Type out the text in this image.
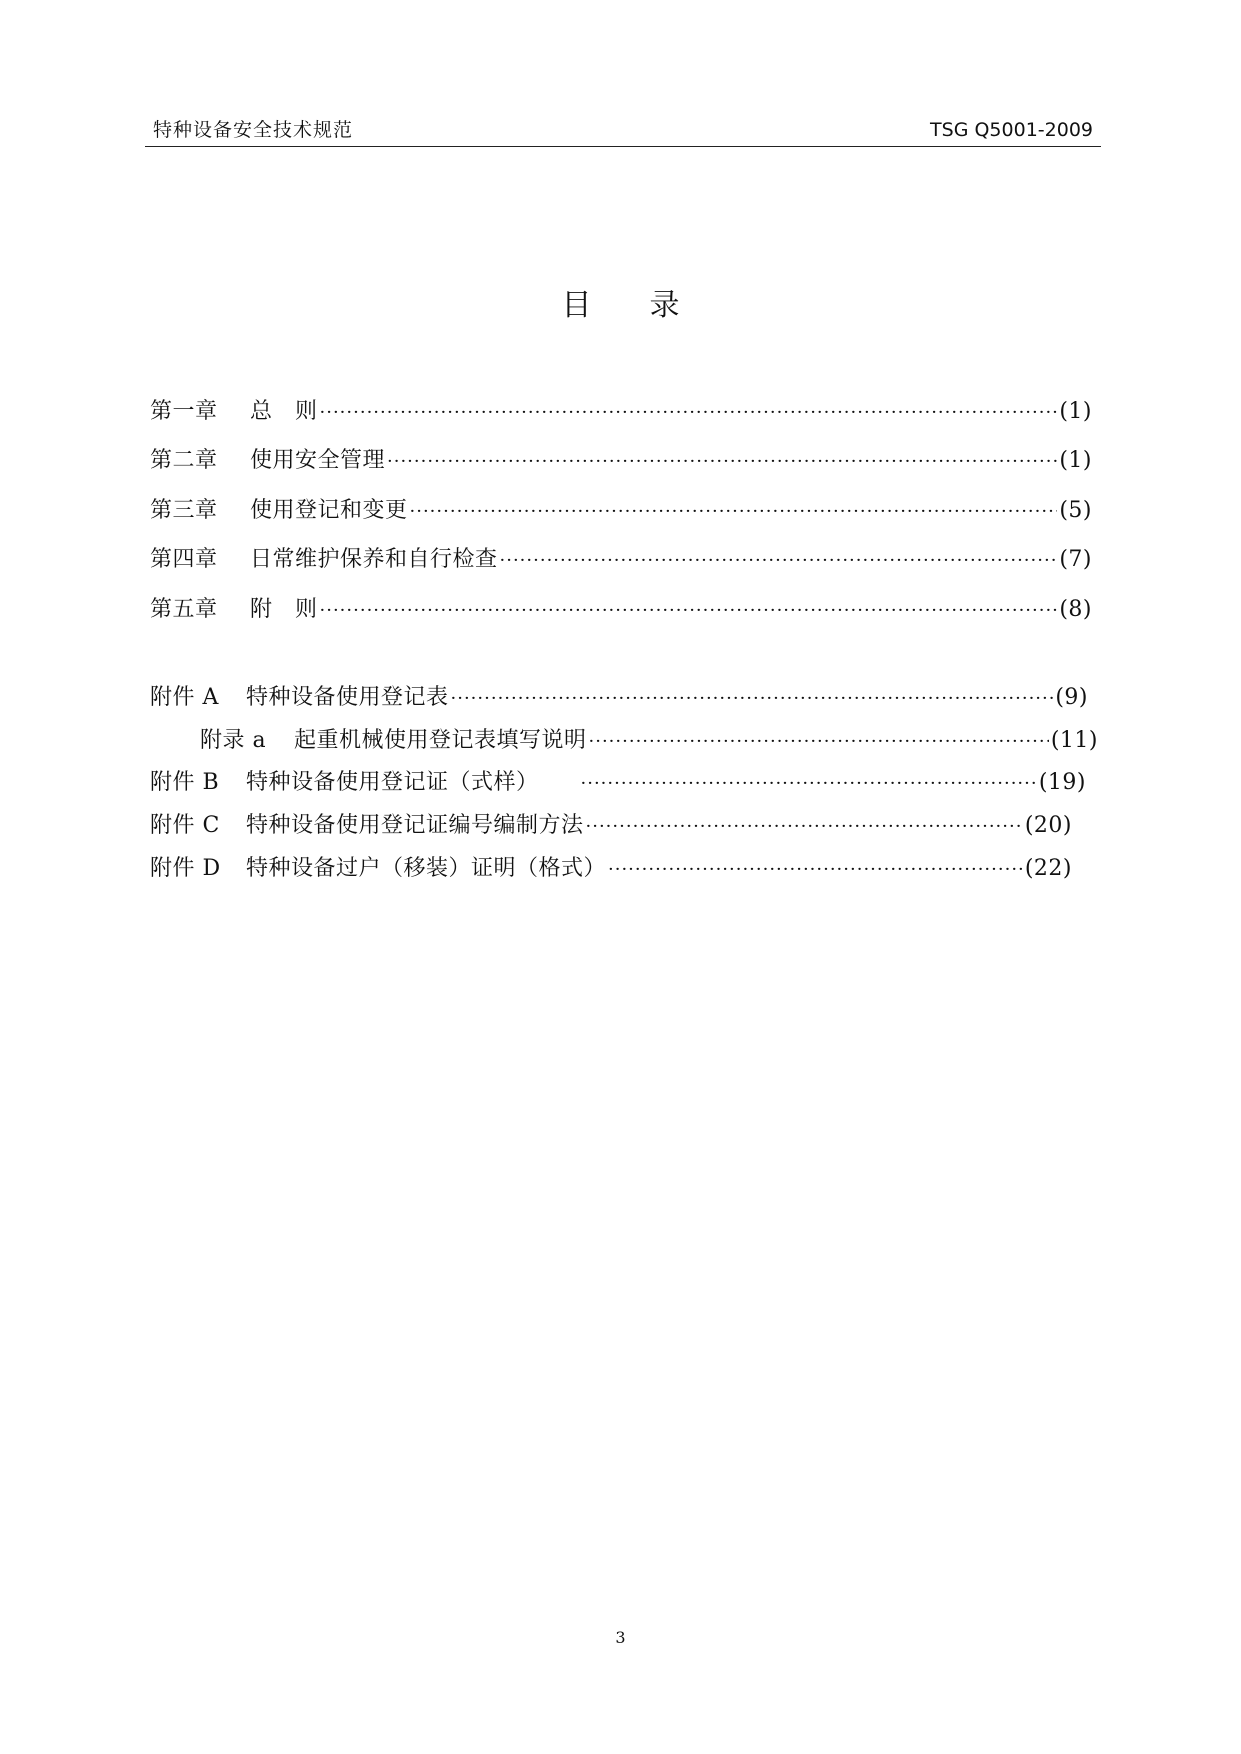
特种设备安全技术规范	TSG Q5001-2009
目录
第一章	总　则 ·····	(1)
第二章	使用安全管理 ·····	(1)
第三章	使用登记和变更 ·····	(5)
第四章	日常维护保养和自行检查 ·····	(7)
第五章	附　则 ·····	(8)
附件 A	特种设备使用登记表 ·····	(9)
附录 a	起重机械使用登记表填写说明 ·····	(11)
附件 B	特种设备使用登记证（式样） ·····	(19)
附件 C	特种设备使用登记证编号编制方法 ·····	(20)
附件 D	特种设备过户（移装）证明（格式） ·····	(22)
3
